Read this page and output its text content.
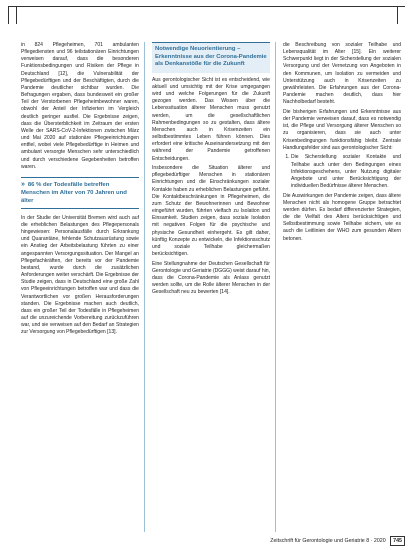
in 824 Pflegeheimen, 701 ambulanten Pflegediensten und 96 teilstationären Einrichtungen verweisen darauf, dass die besonderen Funktionsbedingungen und Risiken der Pflege in Deutschland [12], die Vulnerabilität der Pflegebedürftigen und der Beschäftigten, durch die Pandemie deutlicher sichtbar wurden. Die Befragungen ergaben, dass bundesweit ein großer Teil der Verstorbenen Pflegeheimbewohner waren, obwohl der Anteil der Infizierten im Vergleich deutlich geringer ausfiel. Die Ergebnisse zeigen, dass die Übersterblichkeit im Zeitraum der ersten Welle der SARS-CoV-2-Infektionen zwischen März und Mai 2020 auf stationäre Pflegeeinrichtungen entfiel, wobei viele Pflegebedürftige in Heimen und ambulant versorgte Menschen sehr unterschiedlich und durch verschiedene Gegebenheiten betroffen waren.

» 86 % der Todesfälle betreffen Menschen im Alter von 70 Jahren und älter

In der Studie der Universität Bremen wird auch auf die erheblichen Belastungen des Pflegepersonals hingewiesen: Personalausfälle durch Erkrankung und Quarantäne, fehlende Schutzausrüstung sowie ein Anstieg der Arbeitsbelastung führten zu einer angespannten Versorgungssituation. Der Mangel an Pflegefachkräften, der bereits vor der Pandemie bestand, wurde durch die zusätzlichen Anforderungen weiter verschärft. Die Ergebnisse der Studie zeigen, dass in Deutschland eine große Zahl von Pflegeeinrichtungen betroffen war und dass die Verantwortlichen vor großen Herausforderungen standen. Die Ergebnisse machen auch deutlich, dass ein großer Teil der Todesfälle in Pflegeheimen auf die unzureichende Vorbereitung zurückzuführen war, und sie verweisen auf den Bedarf an Strategien zur Versorgung von Pflegebedürftigen [13].

Notwendige Neuorientierung – Erkenntnisse aus der Corona-Pandemie als Denkanstöße für die Zukunft

Aus gerontologischer Sicht ist es entscheidend, wie aktuell und umsichtig mit der Krise umgegangen wird und welche Folgerungen für die Zukunft gezogen werden. Das Wissen über die Lebenssituation älterer Menschen muss genutzt werden, um die gesellschaftlichen Rahmenbedingungen so zu gestalten, dass ältere Menschen auch in Krisenzeiten ein selbstbestimmtes Leben führen können. Dies erfordert eine kritische Auseinandersetzung mit den während der Pandemie getroffenen Entscheidungen.

Insbesondere die Situation älterer und pflegebedürftiger Menschen in stationären Einrichtungen und die Einschränkungen sozialer Kontakte haben zu erheblichen Belastungen geführt. Die Kontaktbeschränkungen in Pflegeheimen, die zum Schutz der Bewohnerinnen und Bewohner eingeführt wurden, führten vielfach zu Isolation und Einsamkeit. Studien zeigen, dass soziale Isolation mit negativen Folgen für die psychische und physische Gesundheit einhergeht. Es gilt daher, künftig Konzepte zu entwickeln, die Infektionsschutz und soziale Teilhabe gleichermaßen berücksichtigen.

Eine Stellungnahme der Deutschen Gesellschaft für Gerontologie und Geriatrie (DGGG) weist darauf hin, dass die Corona-Pandemie als Anlass genutzt werden sollte, um die Rolle älterer Menschen in der Gesellschaft neu zu bewerten [14].

die Beschreibung von sozialer Teilhabe und Lebensqualität im Alter [15]. Ein weiterer Schwerpunkt liegt in der Sicherstellung der sozialen Versorgung und der Vernetzung von Angeboten in den Kommunen, um Isolation zu vermeiden und Unterstützung auch in Krisenzeiten zu gewährleisten. Die Erfahrungen aus der Corona-Pandemie machen deutlich, dass hier Nachholbedarf besteht.

Die bisherigen Erfahrungen und Erkenntnisse aus der Pandemie verweisen darauf, dass es notwendig ist, die Pflege und Versorgung älterer Menschen so zu organisieren, dass sie auch unter Krisenbedingungen funktionsfähig bleibt. Zentrale Handlungsfelder sind aus gerontologischer Sicht:

1. Die Sicherstellung sozialer Kontakte und Teilhabe auch unter den Bedingungen eines Infektionsgeschehens, unter Nutzung digitaler Angebote und unter Berücksichtigung der individuellen Bedürfnisse älterer Menschen.

Die Auswirkungen der Pandemie zeigen, dass ältere Menschen nicht als homogene Gruppe betrachtet werden dürfen. Es bedarf differenzierter Strategien, die die Vielfalt des Alters berücksichtigen und Selbstbestimmung sowie Teilhabe sichern, wie es auch die Leitlinien der WHO zum gesunden Altern betonen.

Zeitschrift für Gerontologie und Geriatrie 8 · 2020 745
